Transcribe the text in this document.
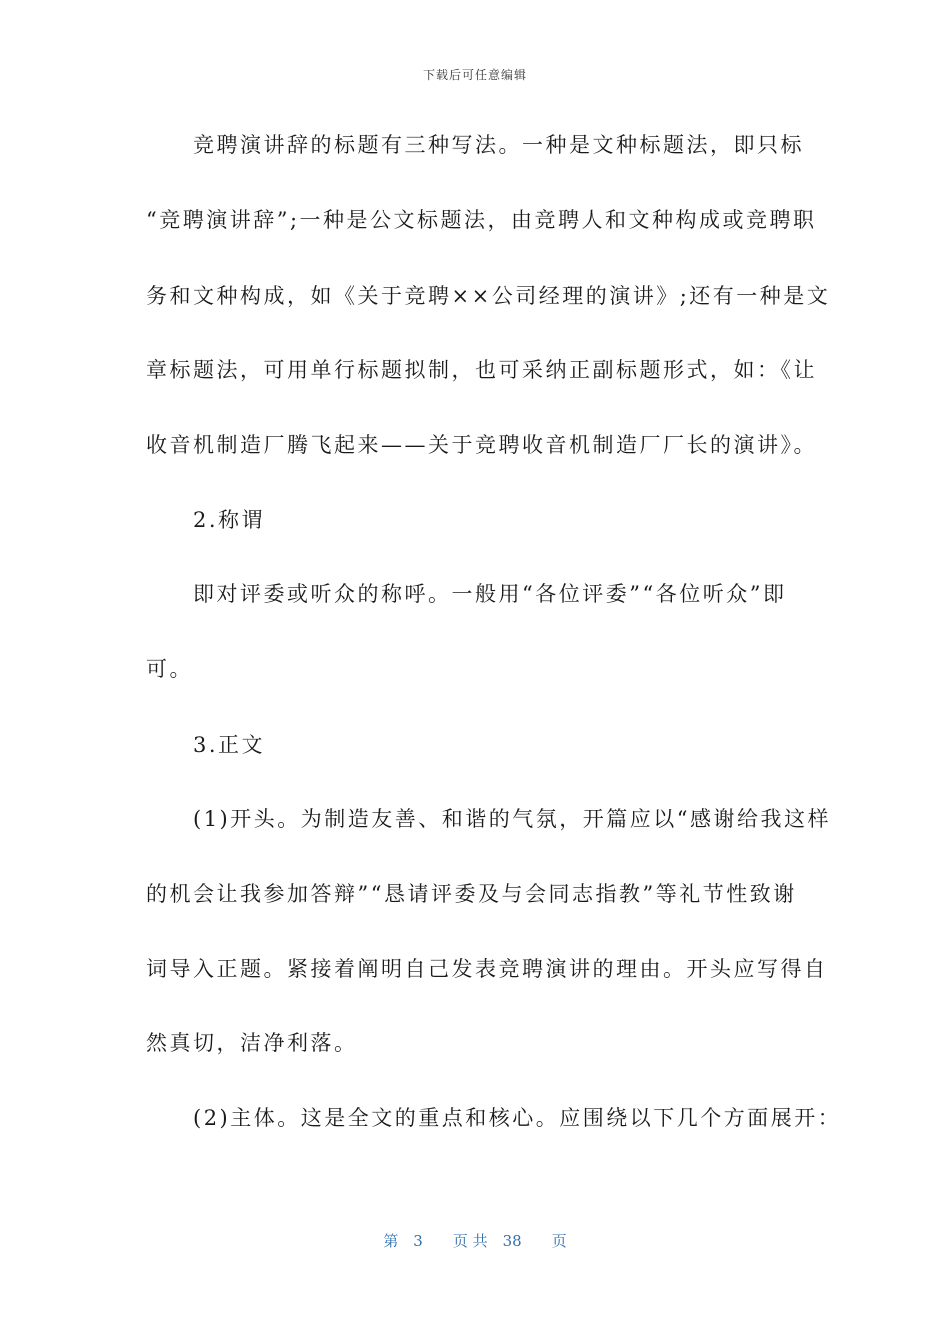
下载后可任意编辑
　　竞聘演讲辞的标题有三种写法。一种是文种标题法，即只标
“竞聘演讲辞”;一种是公文标题法，由竞聘人和文种构成或竞聘职
务和文种构成，如《关于竞聘××公司经理的演讲》;还有一种是文
章标题法，可用单行标题拟制，也可采纳正副标题形式，如：《让
收音机制造厂腾飞起来——关于竞聘收音机制造厂厂长的演讲》。
　　2.称谓
　　即对评委或听众的称呼。一般用“各位评委”“各位听众”即
可。
　　3.正文
　　(1)开头。为制造友善、和谐的气氛，开篇应以“感谢给我这样
的机会让我参加答辩”“恳请评委及与会同志指教”等礼节性致谢
词导入正题。紧接着阐明自己发表竞聘演讲的理由。开头应写得自
然真切，洁净利落。
　　(2)主体。这是全文的重点和核心。应围绕以下几个方面展开：
第　3　　页 共　38　　页
